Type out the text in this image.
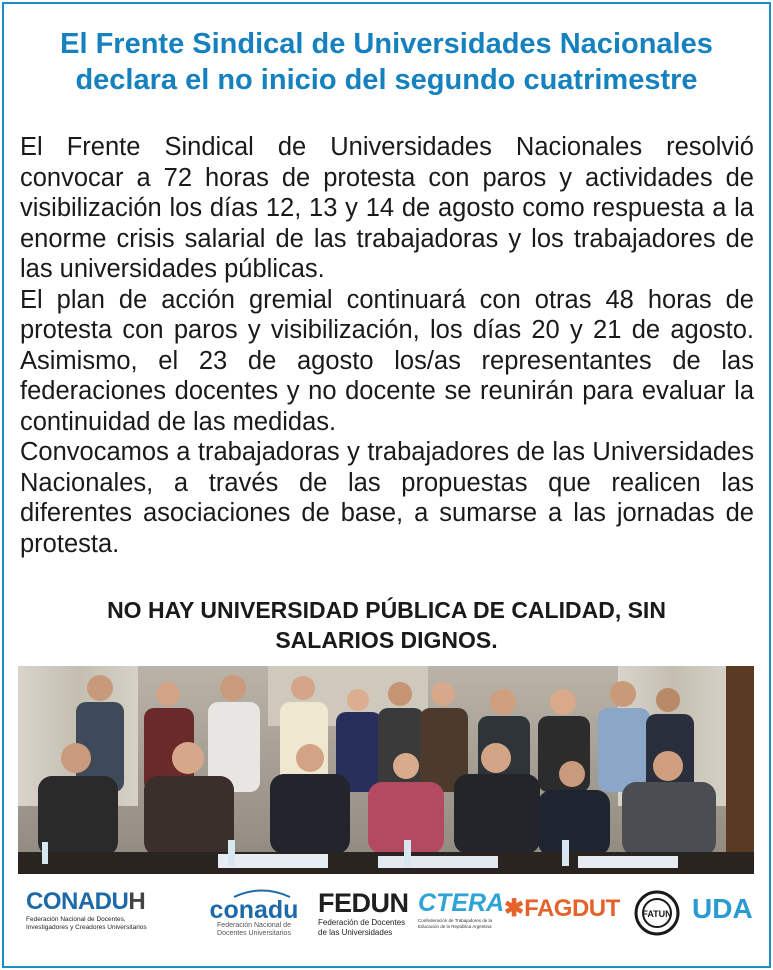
El Frente Sindical de Universidades Nacionales
declara el no inicio del segundo cuatrimestre

El Frente Sindical de Universidades Nacionales resolvió convocar a 72 horas de protesta con paros y actividades de visibilización los días 12, 13 y 14 de agosto como respuesta a la enorme crisis salarial de las trabajadoras y los trabajadores de las universidades públicas.

El plan de acción gremial continuará con otras 48 horas de protesta con paros y visibilización, los días 20 y 21 de agosto. Asimismo, el 23 de agosto los/as representantes de las federaciones docentes y no docente se reunirán para evaluar la continuidad de las medidas.

Convocamos a trabajadoras y trabajadores de las Universidades Nacionales, a través de las propuestas que realicen las diferentes asociaciones de base, a sumarse a las jornadas de protesta.

NO HAY UNIVERSIDAD PÚBLICA DE CALIDAD, SIN
SALARIOS DIGNOS.
CONADUH
Federación Nacional de Docentes,
Investigadores y Creadores Universitarios
conadu
Federación Nacional de
Docentes Universitarios
FEDUN
Federación de Docentes
de las Universidades
CTERA
Confederación de Trabajadores de la
Educación de la República Argentina
✱FAGDUT	FATUN UDA
